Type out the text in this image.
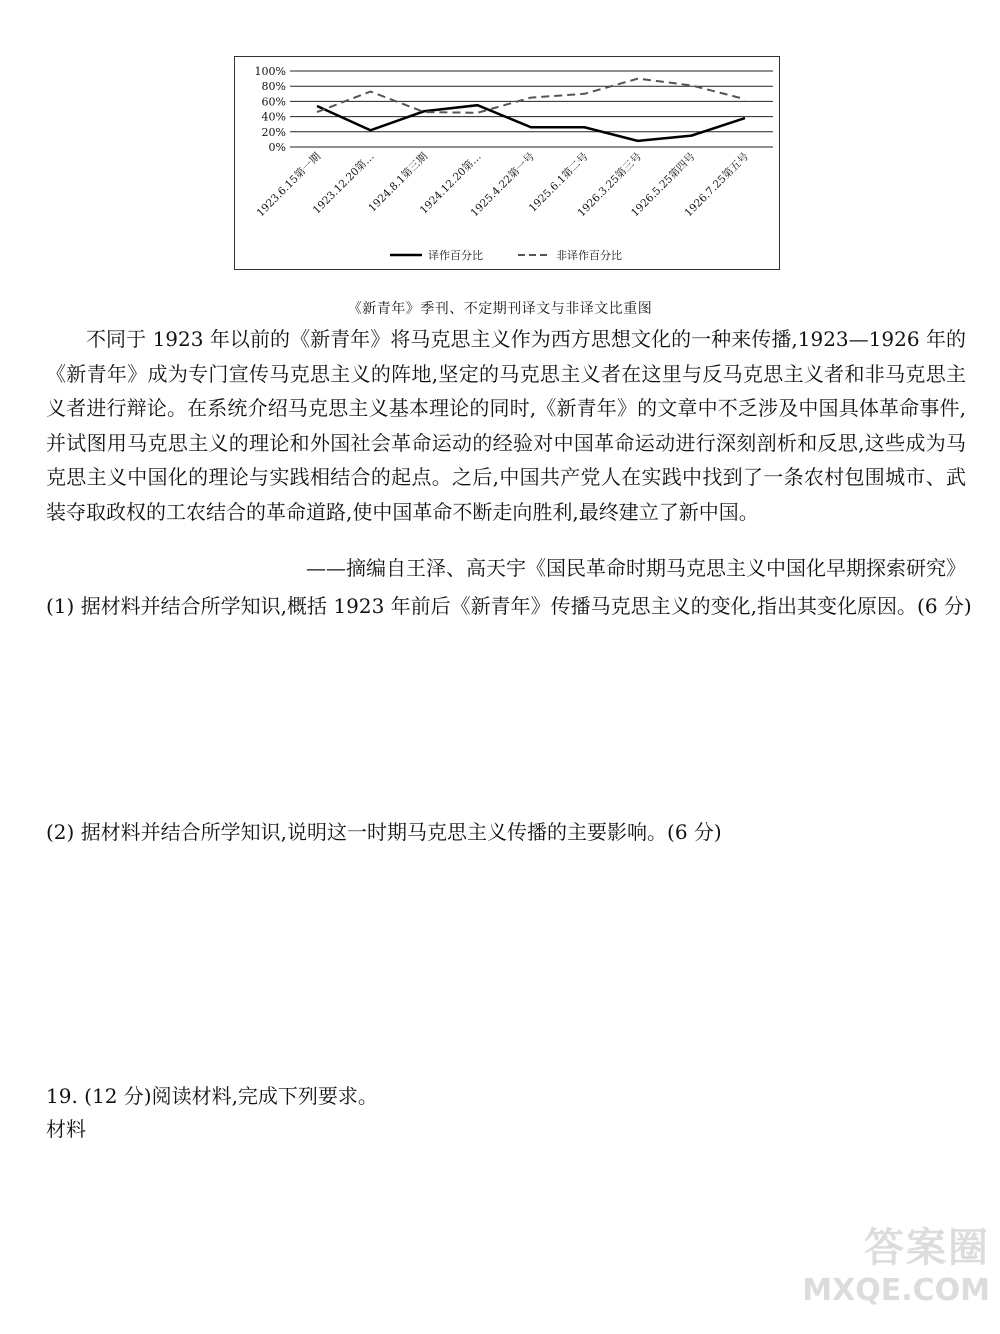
100%
80%
60%
40%
20%
0%
1923.6.15第一期
1923.12.20第…
1924.8.1第三期
1924.12.20第…
1925.4.22第一号
1925.6.1第二号
1926.3.25第三号
1926.5.25第四号
1926.7.25第五号
译作百分比	非译作百分比
《新青年》季刊、不定期刊译文与非译文比重图
不同于 1923 年以前的《新青年》将马克思主义作为西方思想文化的一种来传播,1923—1926 年的《新青年》成为专门宣传马克思主义的阵地,坚定的马克思主义者在这里与反马克思主义者和非马克思主义者进行辩论。在系统介绍马克思主义基本理论的同时,《新青年》的文章中不乏涉及中国具体革命事件,并试图用马克思主义的理论和外国社会革命运动的经验对中国革命运动进行深刻剖析和反思,这些成为马克思主义中国化的理论与实践相结合的起点。之后,中国共产党人在实践中找到了一条农村包围城市、武装夺取政权的工农结合的革命道路,使中国革命不断走向胜利,最终建立了新中国。
——摘编自王泽、高天宇《国民革命时期马克思主义中国化早期探索研究》
(1) 据材料并结合所学知识,概括 1923 年前后《新青年》传播马克思主义的变化,指出其变化原因。(6 分)
(2) 据材料并结合所学知识,说明这一时期马克思主义传播的主要影响。(6 分)
19. (12 分)阅读材料,完成下列要求。
材料
答案圈
MXQE.COM
